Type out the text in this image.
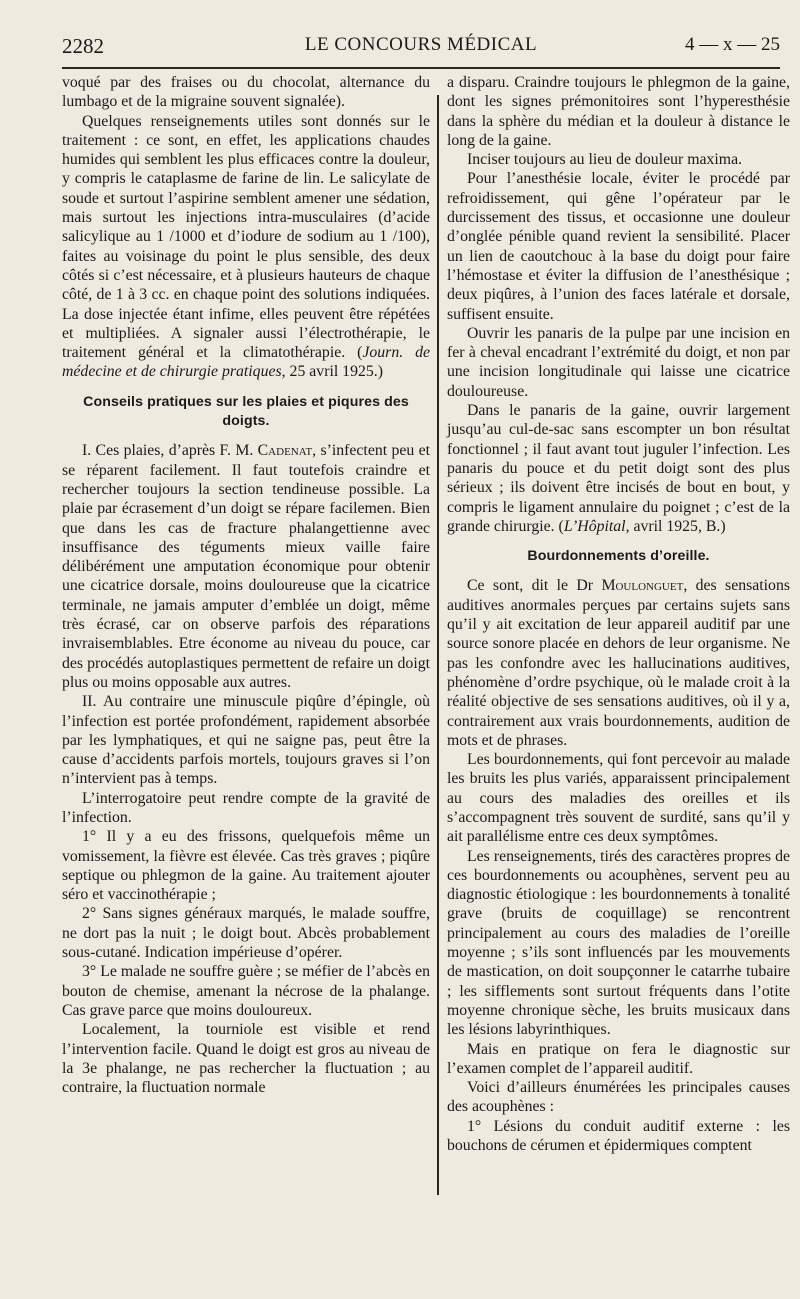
2282	LE CONCOURS MÉDICAL	4 — x — 25

voqué par des fraises ou du chocolat, alternance du lumbago et de la migraine souvent signalée).

Quelques renseignements utiles sont donnés sur le traitement : ce sont, en effet, les applications chaudes humides qui semblent les plus efficaces contre la douleur, y compris le cataplasme de farine de lin. Le salicylate de soude et surtout l’aspirine semblent amener une sédation, mais surtout les injections intra-musculaires (d’acide salicylique au 1 /1000 et d’iodure de sodium au 1 /100), faites au voisinage du point le plus sensible, des deux côtés si c’est nécessaire, et à plusieurs hauteurs de chaque côté, de 1 à 3 cc. en chaque point des solutions indiquées. La dose injectée étant infime, elles peuvent être répétées et multipliées. A signaler aussi l’électrothérapie, le traitement général et la climatothérapie. (Journ. de médecine et de chirurgie pratiques, 25 avril 1925.)

Conseils pratiques sur les plaies et piqures des doigts.

I. Ces plaies, d’après F. M. Cadenat, s’infectent peu et se réparent facilement. Il faut toutefois craindre et rechercher toujours la section tendineuse possible. La plaie par écrasement d’un doigt se répare facilemen. Bien que dans les cas de fracture phalangettienne avec insuffisance des téguments mieux vaille faire délibérément une amputation économique pour obtenir une cicatrice dorsale, moins douloureuse que la cicatrice terminale, ne jamais amputer d’emblée un doigt, même très écrasé, car on observe parfois des réparations invraisemblables. Etre économe au niveau du pouce, car des procédés autoplastiques permettent de refaire un doigt plus ou moins opposable aux autres.

II. Au contraire une minuscule piqûre d’épingle, où l’infection est portée profondément, rapidement absorbée par les lymphatiques, et qui ne saigne pas, peut être la cause d’accidents parfois mortels, toujours graves si l’on n’intervient pas à temps.

L’interrogatoire peut rendre compte de la gravité de l’infection.

1° Il y a eu des frissons, quelquefois même un vomissement, la fièvre est élevée. Cas très graves ; piqûre septique ou phlegmon de la gaine. Au traitement ajouter séro et vaccinothérapie ;

2° Sans signes généraux marqués, le malade souffre, ne dort pas la nuit ; le doigt bout. Abcès probablement sous-cutané. Indication impérieuse d’opérer.

3° Le malade ne souffre guère ; se méfier de l’abcès en bouton de chemise, amenant la nécrose de la phalange. Cas grave parce que moins douloureux.

Localement, la tourniole est visible et rend l’intervention facile. Quand le doigt est gros au niveau de la 3e phalange, ne pas rechercher la fluctuation ; au contraire, la fluctuation normale

a disparu. Craindre toujours le phlegmon de la gaine, dont les signes prémonitoires sont l’hyperesthésie dans la sphère du médian et la douleur à distance le long de la gaine.

Inciser toujours au lieu de douleur maxima.

Pour l’anesthésie locale, éviter le procédé par refroidissement, qui gêne l’opérateur par le durcissement des tissus, et occasionne une douleur d’onglée pénible quand revient la sensibilité. Placer un lien de caoutchouc à la base du doigt pour faire l’hémostase et éviter la diffusion de l’anesthésique ; deux piqûres, à l’union des faces latérale et dorsale, suffisent ensuite.

Ouvrir les panaris de la pulpe par une incision en fer à cheval encadrant l’extrémité du doigt, et non par une incision longitudinale qui laisse une cicatrice douloureuse.

Dans le panaris de la gaine, ouvrir largement jusqu’au cul-de-sac sans escompter un bon résultat fonctionnel ; il faut avant tout juguler l’infection. Les panaris du pouce et du petit doigt sont des plus sérieux ; ils doivent être incisés de bout en bout, y compris le ligament annulaire du poignet ; c’est de la grande chirurgie. (L’Hôpital, avril 1925, B.)

Bourdonnements d’oreille.

Ce sont, dit le Dr Moulonguet, des sensations auditives anormales perçues par certains sujets sans qu’il y ait excitation de leur appareil auditif par une source sonore placée en dehors de leur organisme. Ne pas les confondre avec les hallucinations auditives, phénomène d’ordre psychique, où le malade croit à la réalité objective de ses sensations auditives, où il y a, contrairement aux vrais bourdonnements, audition de mots et de phrases.

Les bourdonnements, qui font percevoir au malade les bruits les plus variés, apparaissent principalement au cours des maladies des oreilles et ils s’accompagnent très souvent de surdité, sans qu’il y ait parallélisme entre ces deux symptômes.

Les renseignements, tirés des caractères propres de ces bourdonnements ou acouphènes, servent peu au diagnostic étiologique : les bourdonnements à tonalité grave (bruits de coquillage) se rencontrent principalement au cours des maladies de l’oreille moyenne ; s’ils sont influencés par les mouvements de mastication, on doit soupçonner le catarrhe tubaire ; les sifflements sont surtout fréquents dans l’otite moyenne chronique sèche, les bruits musicaux dans les lésions labyrinthiques.

Mais en pratique on fera le diagnostic sur l’examen complet de l’appareil auditif.

Voici d’ailleurs énumérées les principales causes des acouphènes :

1° Lésions du conduit auditif externe : les bouchons de cérumen et épidermiques comptent
